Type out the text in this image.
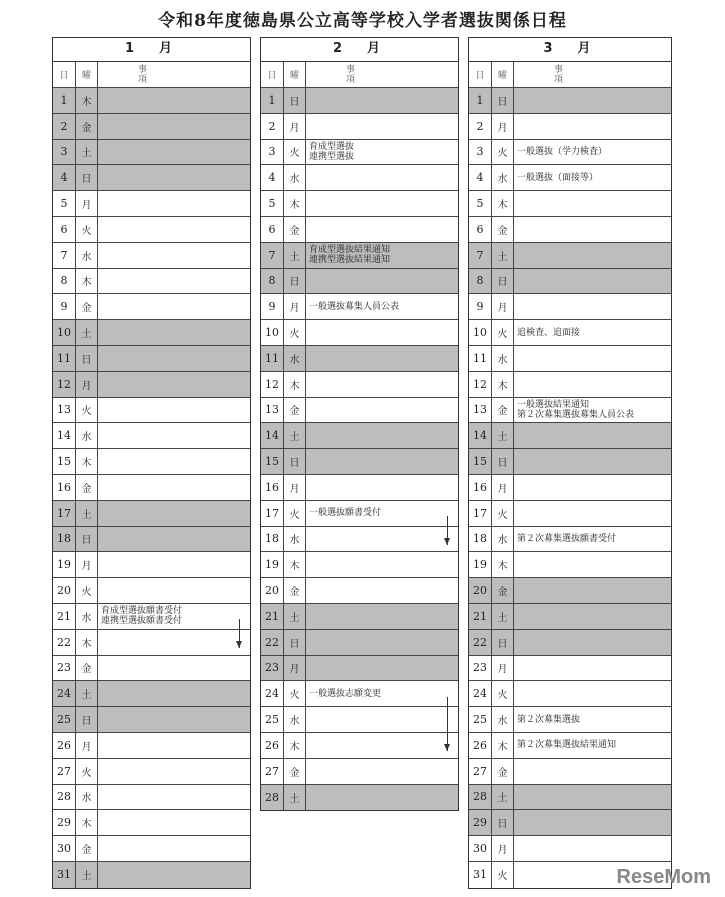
令和8年度徳島県公立高等学校入学者選抜関係日程
1　月
日	曜
事　項
1	木
2	金
3	土
4	日
5	月
6	火
7	水
8	木
9	金
10	土
11	日
12	月
13	火
14	水
15	木
16	金
17	土
18	日
19	月
20	火
21	水
育成型選抜願書受付
連携型選抜願書受付
22	木
23	金
24	土
25	日
26	月
27	火
28	水
29	木
30	金
31	土
2　月
日	曜
事　項
1	日
2	月
3	火
育成型選抜
連携型選抜
4	水
5	木
6	金
7	土
育成型選抜結果通知
連携型選抜結果通知
8	日
9	月	一般選抜募集人員公表
10	火
11	水
12	木
13	金
14	土
15	日
16	月
17	火	一般選抜願書受付
18	水
19	木
20	金
21	土
22	日
23	月
24	火	一般選抜志願変更
25	水
26	木
27	金
28	土
3　月
日	曜
事　項
1	日
2	月
3	火	一般選抜（学力検査）
4	水	一般選抜（面接等）
5	木
6	金
7	土
8	日
9	月
10	火	追検査、追面接
11	水
12	木
13	金
一般選抜結果通知
第２次募集選抜募集人員公表
14	土
15	日
16	月
17	火
18	水	第２次募集選抜願書受付
19	木
20	金
21	土
22	日
23	月
24	火
25	水	第２次募集選抜
26	木	第２次募集選抜結果通知
27	金
28	土
29	日
30	月
31	火	ReseMom
